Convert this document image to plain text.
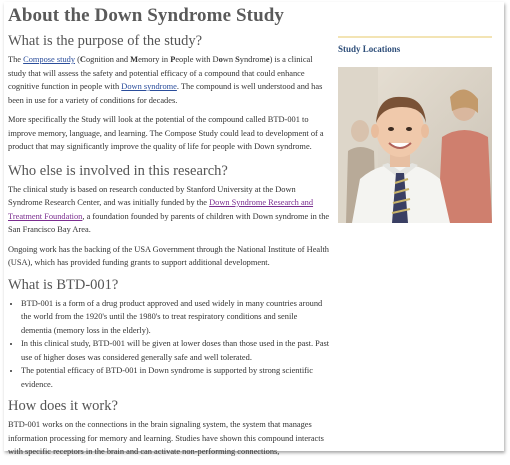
About the Down Syndrome Study
What is the purpose of the study?

The Compose study (Cognition and Memory in People with Down Syndrome) is a clinical study that will assess the safety and potential efficacy of a compound that could enhance cognitive function in people with Down syndrome. The compound is well understood and has been in use for a variety of conditions for decades.

More specifically the Study will look at the potential of the compound called BTD-001 to improve memory, language, and learning. The Compose Study could lead to development of a product that may significantly improve the quality of life for people with Down syndrome.

Who else is involved in this research?

The clinical study is based on research conducted by Stanford University at the Down Syndrome Research Center, and was initially funded by the Down Syndrome Research and Treatment Foundation, a foundation founded by parents of children with Down syndrome in the San Francisco Bay Area.

Ongoing work has the backing of the USA Government through the National Institute of Health (USA), which has provided funding grants to support additional development.

What is BTD-001?
• BTD-001 is a form of a drug product approved and used widely in many countries around the world from the 1920's until the 1980's to treat respiratory conditions and senile dementia (memory loss in the elderly).
• In this clinical study, BTD-001 will be given at lower doses than those used in the past. Past use of higher doses was considered generally safe and well tolerated.
• The potential efficacy of BTD-001 in Down syndrome is supported by strong scientific evidence.
How does it work?

BTD-001 works on the connections in the brain signaling system, the system that manages information processing for memory and learning. Studies have shown this compound interacts with specific receptors in the brain and can activate non-performing connections,

Study Locations
